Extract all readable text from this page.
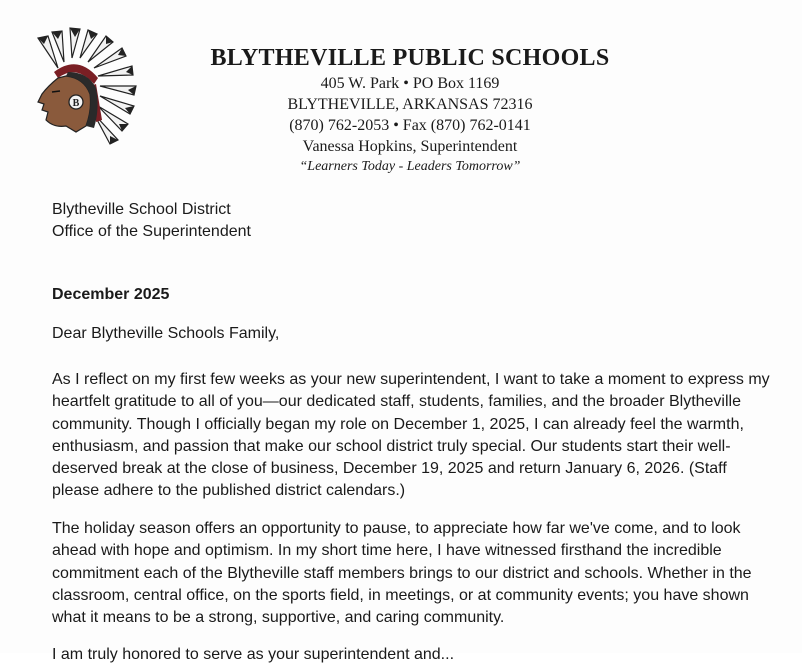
B
BLYTHEVILLE PUBLIC SCHOOLS
405 W. Park • PO Box 1169
BLYTHEVILLE, ARKANSAS 72316
(870) 762-2053 • Fax (870) 762-0141
Vanessa Hopkins, Superintendent
“Learners Today - Leaders Tomorrow”
Blytheville School District
Office of the Superintendent
December 2025
Dear Blytheville Schools Family,

As I reflect on my first few weeks as your new superintendent, I want to take a moment to express my heartfelt gratitude to all of you—our dedicated staff, students, families, and the broader Blytheville community. Though I officially began my role on December 1, 2025, I can already feel the warmth, enthusiasm, and passion that make our school district truly special. Our students start their well-deserved break at the close of business, December 19, 2025 and return January 6, 2026. (Staff please adhere to the published district calendars.)

The holiday season offers an opportunity to pause, to appreciate how far we've come, and to look ahead with hope and optimism. In my short time here, I have witnessed firsthand the incredible commitment each of the Blytheville staff members brings to our district and schools. Whether in the classroom, central office, on the sports field, in meetings, or at community events; you have shown what it means to be a strong, supportive, and caring community.

I am truly honored to serve as your superintendent and...
